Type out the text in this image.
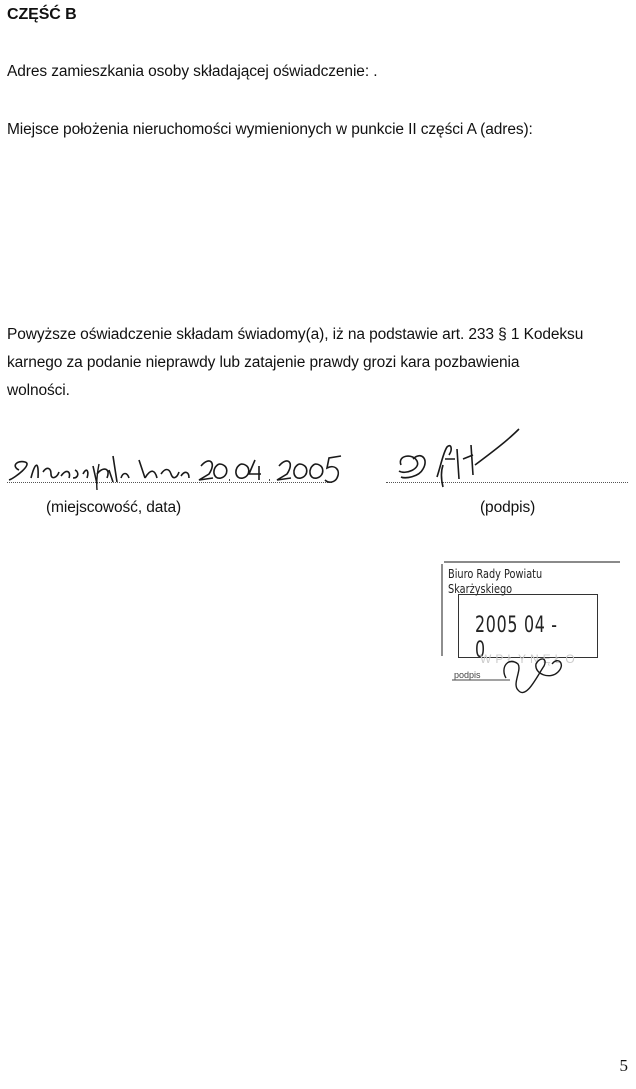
CZĘŚĆ B
Adres zamieszkania osoby składającej oświadczenie: .
Miejsce położenia nieruchomości wymienionych w punkcie II części A (adres):
Powyższe oświadczenie składam świadomy(a), iż na podstawie art. 233 § 1 Kodeksu
karnego za podanie nieprawdy lub zatajenie prawdy grozi kara pozbawienia
wolności.
(miejscowość, data)	(podpis)
Biuro Rady Powiatu Skarżyskiego
2005 04 - 0
WPŁYNĘŁO
podpis
5
